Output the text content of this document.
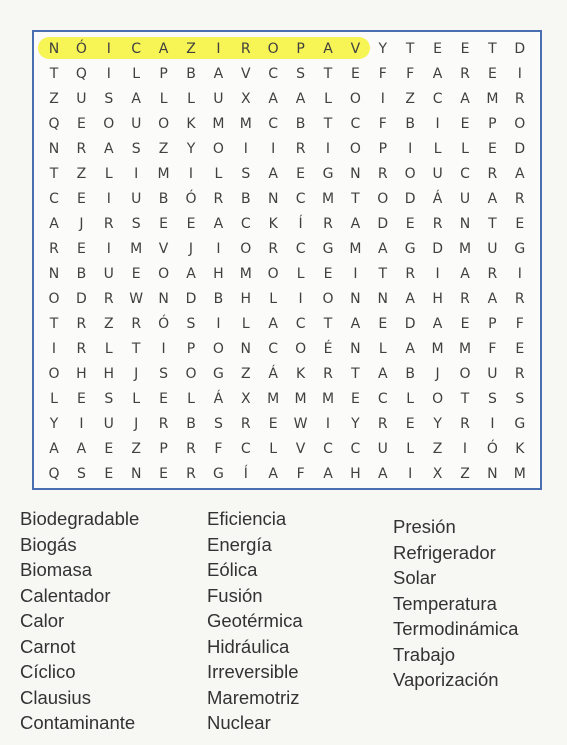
N	Ó	I	C	A	Z	I	R	O	P	A	V	Y	T	E	E	T	D
T	Q	I	L	P	B	A	V	C	S	T	E	F	F	A	R	E	I
Z	U	S	A	L	L	U	X	A	A	L	O	I	Z	C	A	M	R
Q	E	O	U	O	K	M	M	C	B	T	C	F	B	I	E	P	O
N	R	A	S	Z	Y	O	I	I	R	I	O	P	I	L	L	E	D
T	Z	L	I	M	I	L	S	A	E	G	N	R	O	U	C	R	A
C	E	I	U	B	Ó	R	B	N	C	M	T	O	D	Á	U	A	R
A	J	R	S	E	E	A	C	K	Í	R	A	D	E	R	N	T	E
R	E	I	M	V	J	I	O	R	C	G	M	A	G	D	M	U	G
N	B	U	E	O	A	H	M	O	L	E	I	T	R	I	A	R	I
O	D	R	W	N	D	B	H	L	I	O	N	N	A	H	R	A	R
T	R	Z	R	Ó	S	I	L	A	C	T	A	E	D	A	E	P	F
I	R	L	T	I	P	O	N	C	O	É	N	L	A	M	M	F	E
O	H	H	J	S	O	G	Z	Á	K	R	T	A	B	J	O	U	R
L	E	S	L	E	L	Á	X	M	M	M	E	C	L	O	T	S	S
Y	I	U	J	R	B	S	R	E	W	I	Y	R	E	Y	R	I	G
A	A	E	Z	P	R	F	C	L	V	C	C	U	L	Z	I	Ó	K
Q	S	E	N	E	R	G	Í	A	F	A	H	A	I	X	Z	N	M
Biodegradable
Biogás
Biomasa
Calentador
Calor
Carnot
Cíclico
Clausius
Contaminante
Eficiencia
Energía
Eólica
Fusión
Geotérmica
Hidráulica
Irreversible
Maremotriz
Nuclear
Presión
Refrigerador
Solar
Temperatura
Termodinámica
Trabajo
Vaporización
